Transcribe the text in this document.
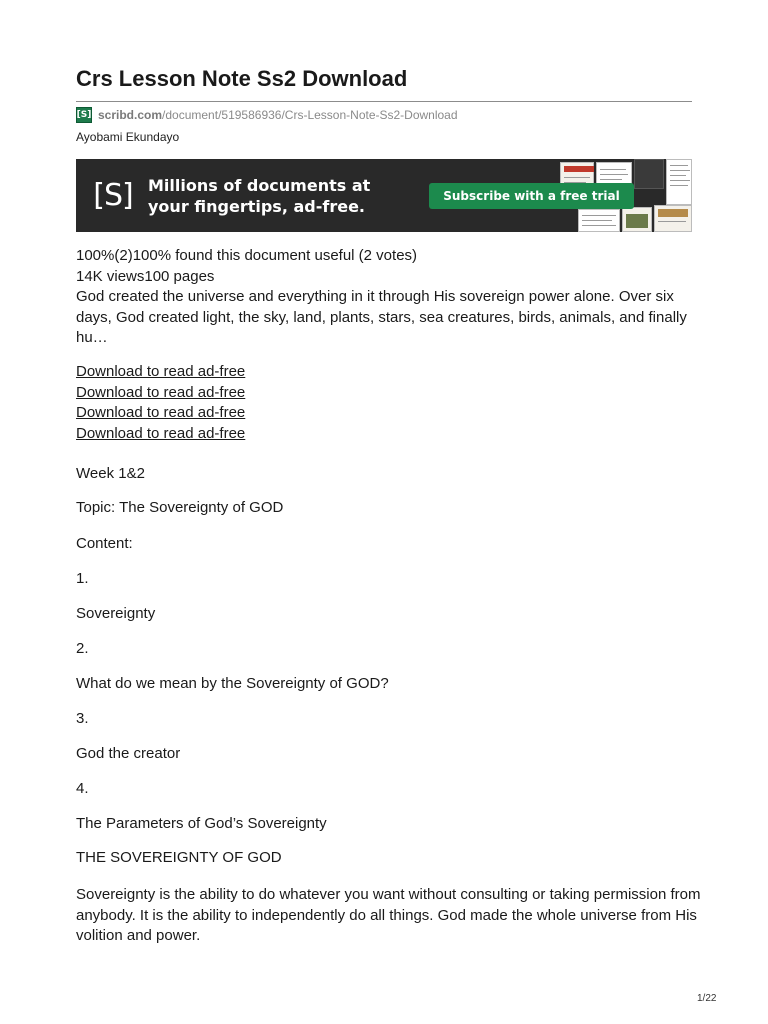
Crs Lesson Note Ss2 Download
[S] scribd.com /document/519586936/Crs-Lesson-Note-Ss2-Download
Ayobami Ekundayo
[S] Millions of documents at your fingertips, ad-free.
Subscribe with a free trial
100%(2)100% found this document useful (2 votes)
14K views100 pages
God created the universe and everything in it through His sovereign power alone. Over six days, God created light, the sky, land, plants, stars, sea creatures, birds, animals, and finally hu…
Download to read ad-free
Download to read ad-free
Download to read ad-free
Download to read ad-free
Week 1&2
Topic: The Sovereignty of GOD
Content:
1.
Sovereignty
2.
What do we mean by the Sovereignty of GOD?
3.
God the creator
4.
The Parameters of God’s Sovereignty
THE SOVEREIGNTY OF GOD
Sovereignty is the ability to do whatever you want without consulting or taking permission from anybody. It is the ability to independently do all things. God made the whole universe from His volition and power.
1/22
